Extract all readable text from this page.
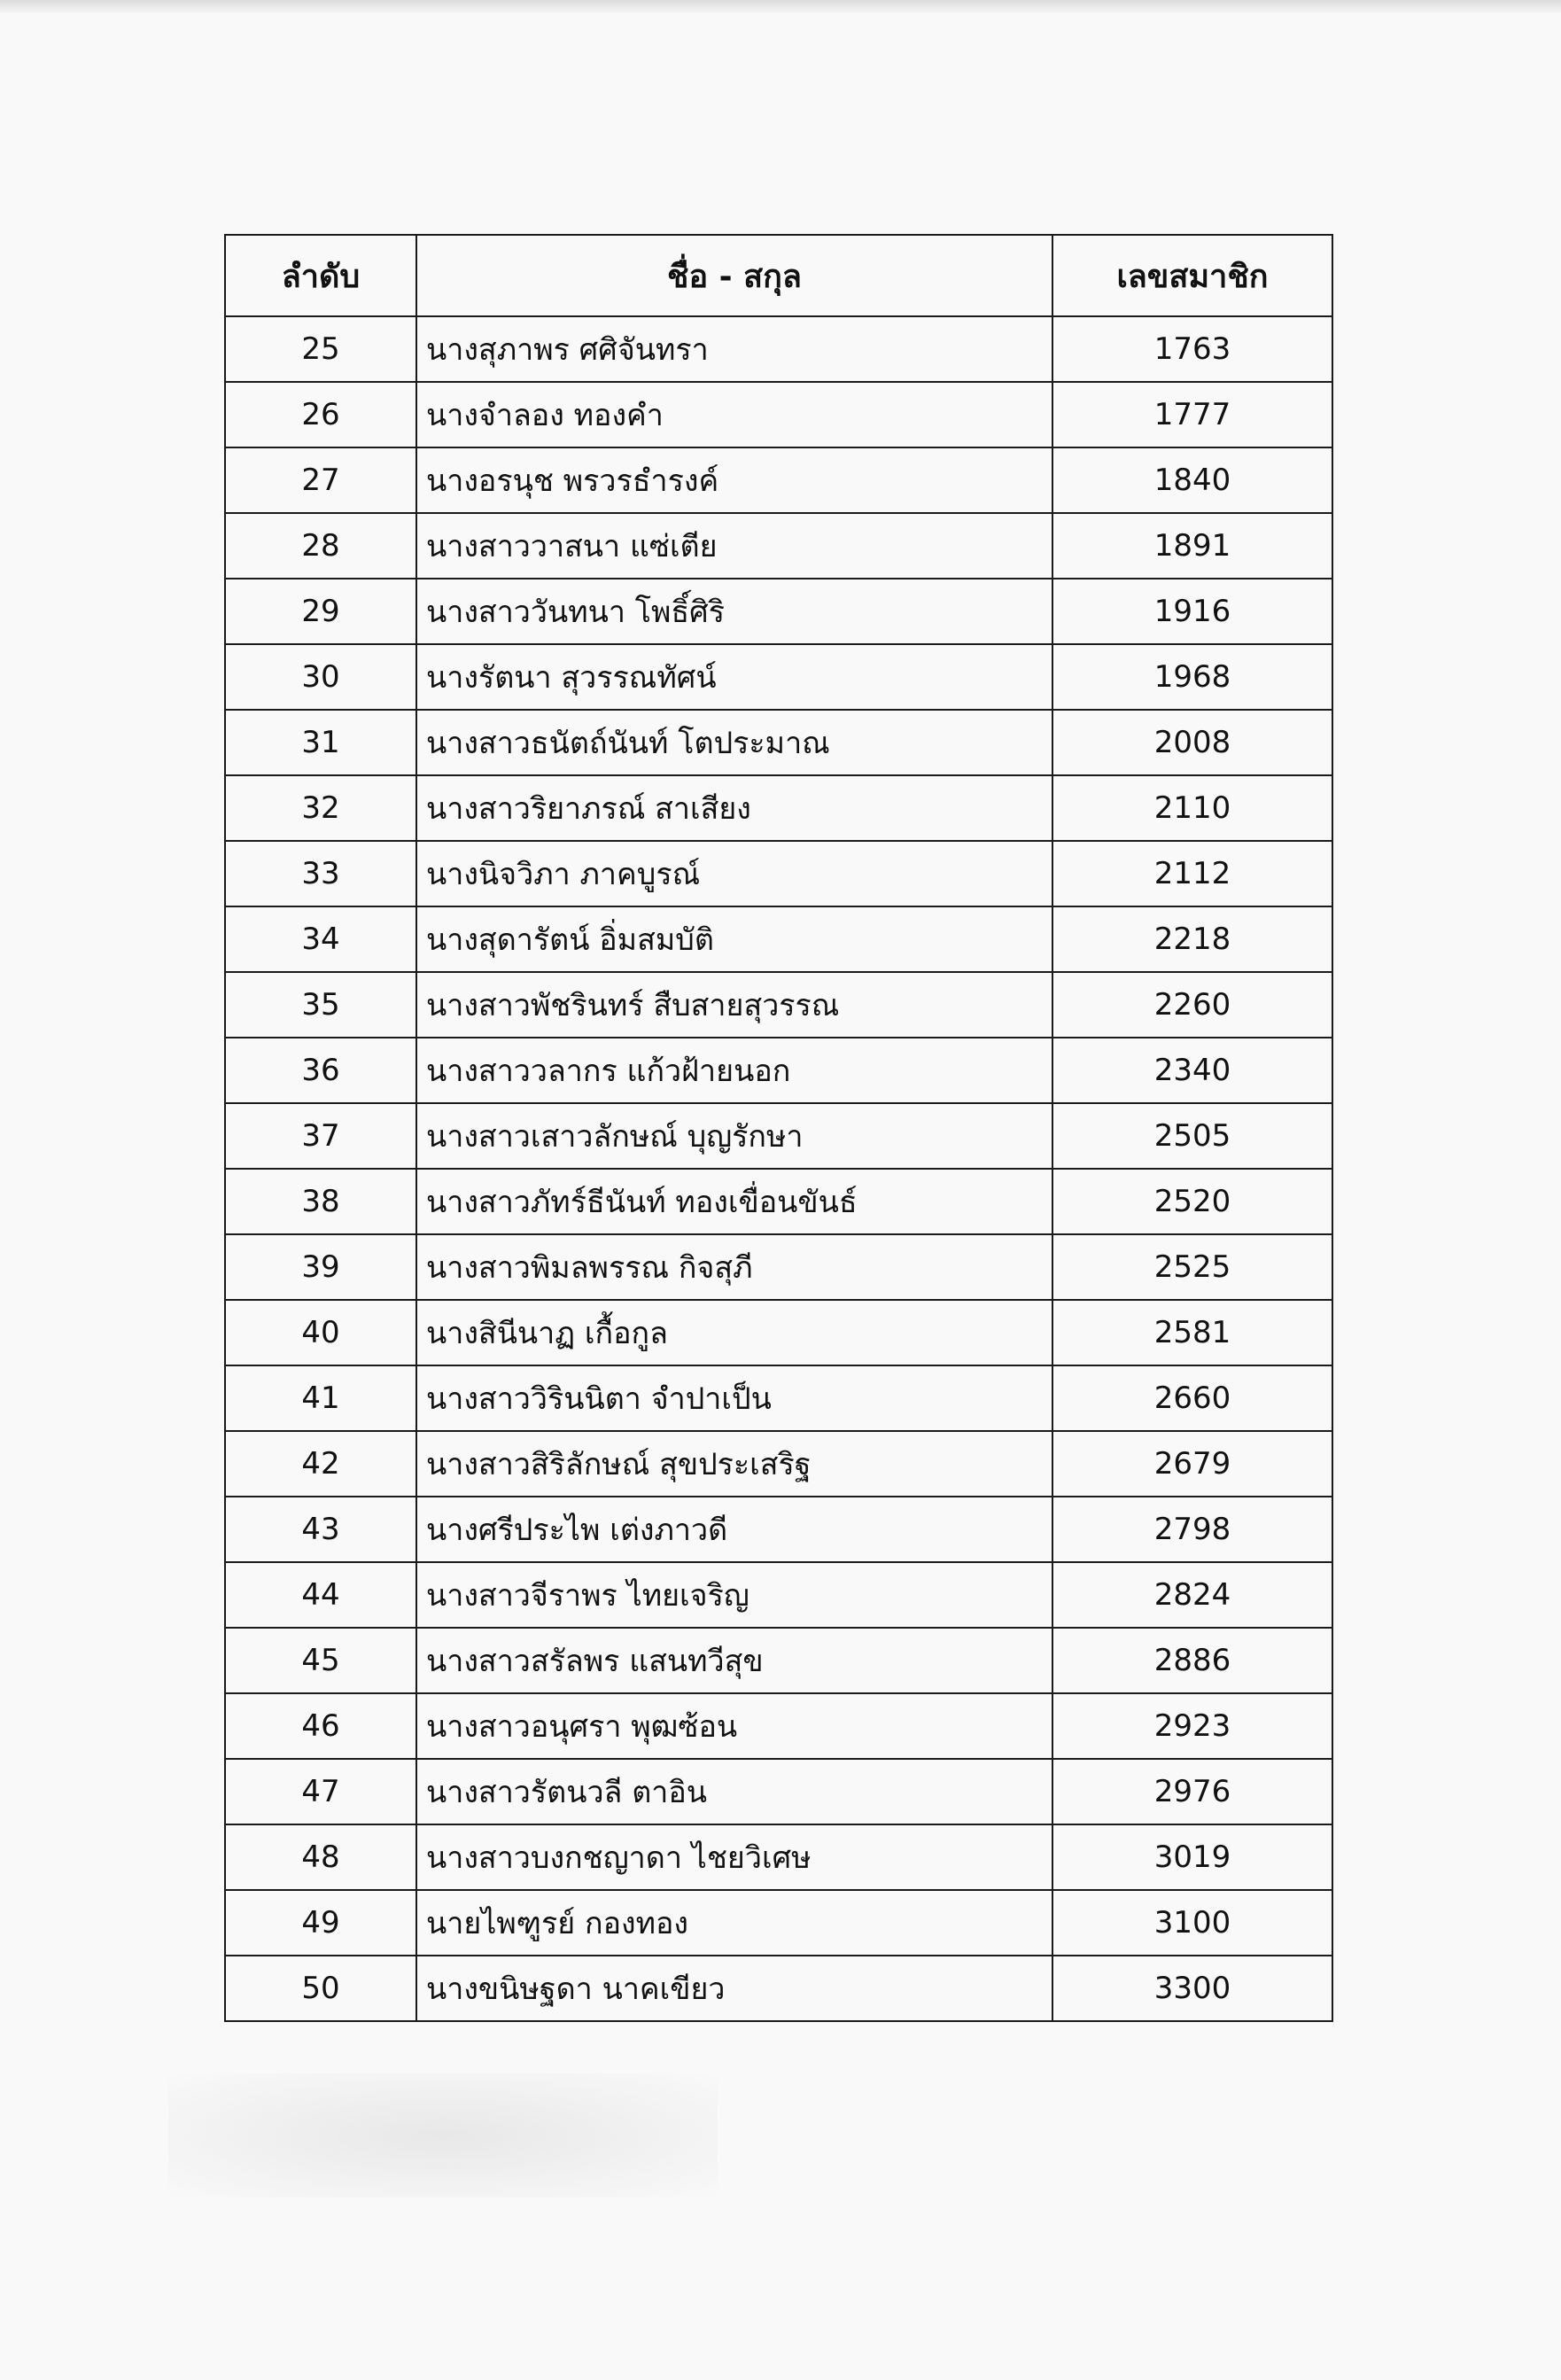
ลำดับ	ชื่อ - สกุล	เลขสมาชิก
25	นางสุภาพร ศศิจันทรา	1763
26	นางจำลอง ทองคำ	1777
27	นางอรนุช พรวรธำรงค์	1840
28	นางสาววาสนา แซ่เตีย	1891
29	นางสาววันทนา โพธิ์ศิริ	1916
30	นางรัตนา สุวรรณทัศน์	1968
31	นางสาวธนัตถ์นันท์ โตประมาณ	2008
32	นางสาวริยาภรณ์ สาเสียง	2110
33	นางนิจวิภา ภาคบูรณ์	2112
34	นางสุดารัตน์ อิ่มสมบัติ	2218
35	นางสาวพัชรินทร์ สืบสายสุวรรณ	2260
36	นางสาววลากร แก้วฝ้ายนอก	2340
37	นางสาวเสาวลักษณ์ บุญรักษา	2505
38	นางสาวภัทร์ธีนันท์ ทองเขื่อนขันธ์	2520
39	นางสาวพิมลพรรณ กิจสุภี	2525
40	นางสินีนาฏ เกื้อกูล	2581
41	นางสาววิรินนิตา จำปาเป็น	2660
42	นางสาวสิริลักษณ์ สุขประเสริฐ	2679
43	นางศรีประไพ เต่งภาวดี	2798
44	นางสาวจีราพร ไทยเจริญ	2824
45	นางสาวสรัลพร แสนทวีสุข	2886
46	นางสาวอนุศรา พุฒซ้อน	2923
47	นางสาวรัตนวลี ตาอิน	2976
48	นางสาวบงกชญาดา ไชยวิเศษ	3019
49	นายไพฑูรย์ กองทอง	3100
50	นางขนิษฐดา นาคเขียว	3300
